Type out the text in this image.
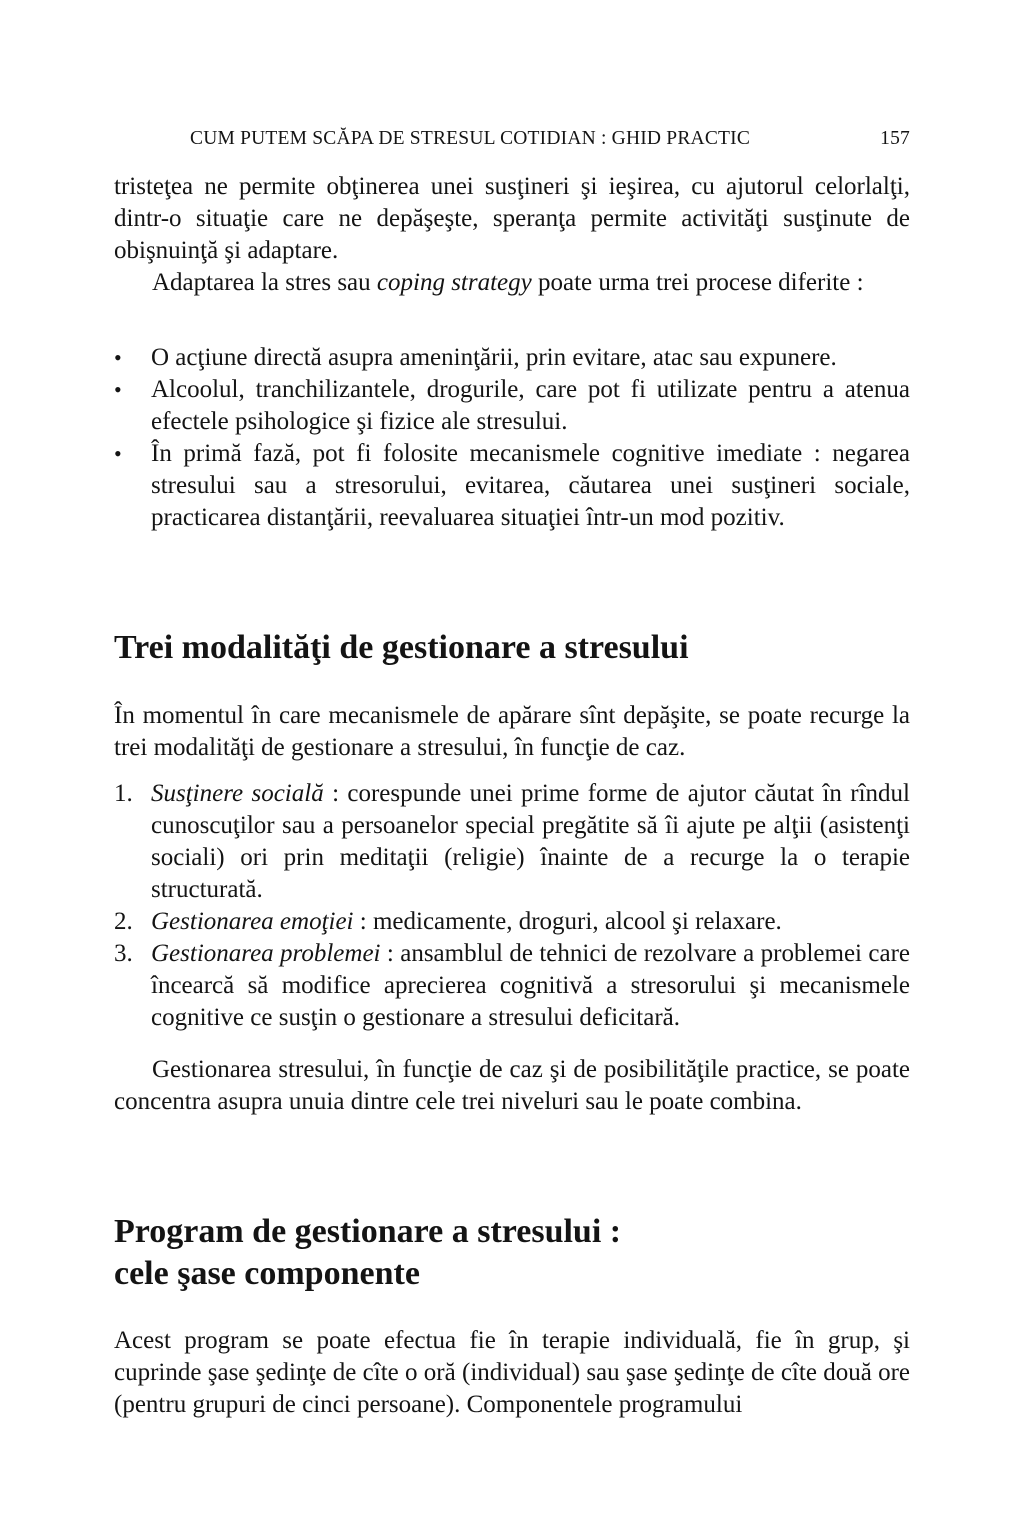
CUM PUTEM SCĂPA DE STRESUL COTIDIAN : GHID PRACTIC	157

tristeţea ne permite obţinerea unei susţineri şi ieşirea, cu ajutorul celorlalţi, dintr-o situaţie care ne depăşeşte, speranţa permite activităţi susţinute de obişnuinţă şi adaptare.

Adaptarea la stres sau coping strategy poate urma trei procese diferite :

• O acţiune directă asupra ameninţării, prin evitare, atac sau expunere.
• Alcoolul, tranchilizantele, drogurile, care pot fi utilizate pentru a atenua efectele psihologice şi fizice ale stresului.
• În primă fază, pot fi folosite mecanismele cognitive imediate : negarea stresului sau a stresorului, evitarea, căutarea unei susţineri sociale, practicarea distanţării, reevaluarea situaţiei într-un mod pozitiv.
Trei modalităţi de gestionare a stresului

În momentul în care mecanismele de apărare sînt depăşite, se poate recurge la trei modalităţi de gestionare a stresului, în funcţie de caz.

1. Susţinere socială : corespunde unei prime forme de ajutor căutat în rîndul cunoscuţilor sau a persoanelor special pregătite să îi ajute pe alţii (asistenţi sociali) ori prin meditaţii (religie) înainte de a recurge la o terapie structurată.
2. Gestionarea emoţiei : medicamente, droguri, alcool şi relaxare.
3. Gestionarea problemei : ansamblul de tehnici de rezolvare a problemei care încearcă să modifice aprecierea cognitivă a stresorului şi mecanismele cognitive ce susţin o gestionare a stresului deficitară.

Gestionarea stresului, în funcţie de caz şi de posibilităţile practice, se poate concentra asupra unuia dintre cele trei niveluri sau le poate combina.

Program de gestionare a stresului :
cele şase componente

Acest program se poate efectua fie în terapie individuală, fie în grup, şi cuprinde şase şedinţe de cîte o oră (individual) sau şase şedinţe de cîte două ore (pentru grupuri de cinci persoane). Componentele programului
